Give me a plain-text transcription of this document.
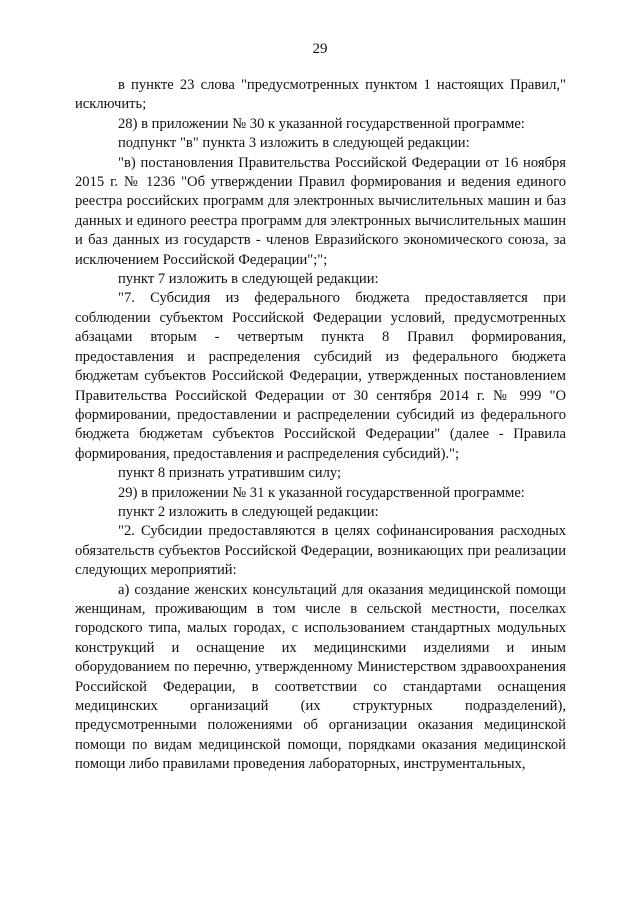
29

в пункте 23 слова "предусмотренных пунктом 1 настоящих Правил," исключить;

28) в приложении № 30 к указанной государственной программе:

подпункт "в" пункта 3 изложить в следующей редакции:

"в) постановления Правительства Российской Федерации от 16 ноября 2015 г. № 1236 "Об утверждении Правил формирования и ведения единого реестра российских программ для электронных вычислительных машин и баз данных и единого реестра программ для электронных вычислительных машин и баз данных из государств - членов Евразийского экономического союза, за исключением Российской Федерации";";

пункт 7 изложить в следующей редакции:

"7. Субсидия из федерального бюджета предоставляется при соблюдении субъектом Российской Федерации условий, предусмотренных абзацами вторым - четвертым пункта 8 Правил формирования, предоставления и распределения субсидий из федерального бюджета бюджетам субъектов Российской Федерации, утвержденных постановлением Правительства Российской Федерации от 30 сентября 2014 г. № 999 "О формировании, предоставлении и распределении субсидий из федерального бюджета бюджетам субъектов Российской Федерации" (далее - Правила формирования, предоставления и распределения субсидий).";

пункт 8 признать утратившим силу;

29) в приложении № 31 к указанной государственной программе:

пункт 2 изложить в следующей редакции:

"2. Субсидии предоставляются в целях софинансирования расходных обязательств субъектов Российской Федерации, возникающих при реализации следующих мероприятий:

а) создание женских консультаций для оказания медицинской помощи женщинам, проживающим в том числе в сельской местности, поселках городского типа, малых городах, с использованием стандартных модульных конструкций и оснащение их медицинскими изделиями и иным оборудованием по перечню, утвержденному Министерством здравоохранения Российской Федерации, в соответствии со стандартами оснащения медицинских организаций (их структурных подразделений), предусмотренными положениями об организации оказания медицинской помощи по видам медицинской помощи, порядками оказания медицинской помощи либо правилами проведения лабораторных, инструментальных,
